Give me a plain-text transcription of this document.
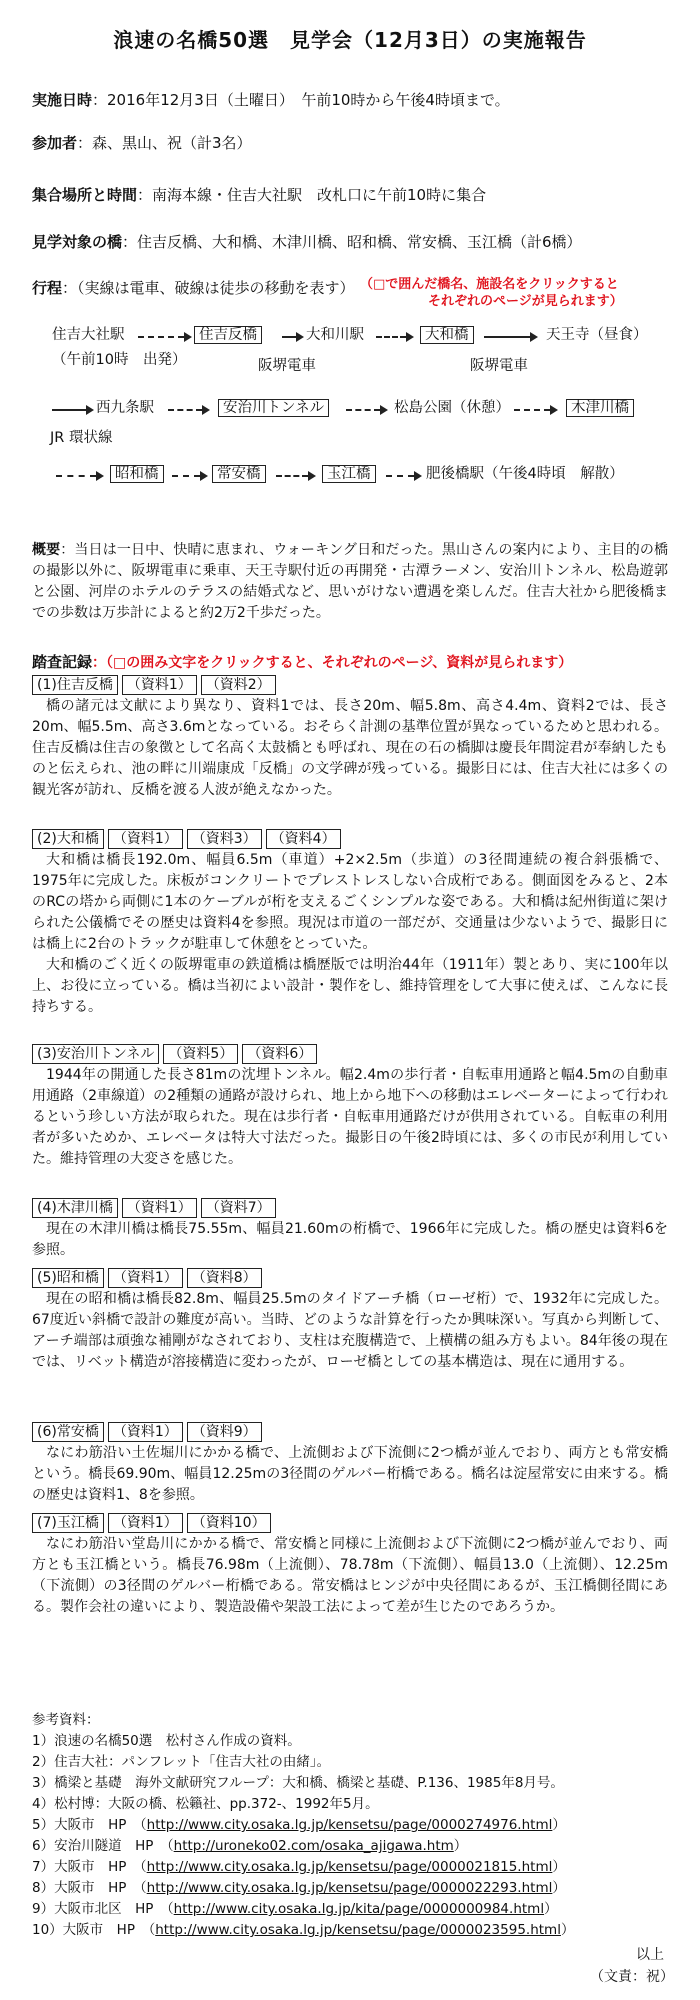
浪速の名橋50選　見学会（12月3日）の実施報告
実施日時：2016年12月3日（土曜日）　午前10時から午後4時頃まで。
参加者：森、黒山、祝（計3名）
集合場所と時間：南海本線・住吉大社駅　改札口に午前10時に集合
見学対象の橋：住吉反橋、大和橋、木津川橋、昭和橋、常安橋、玉江橋（計6橋）
行程：（実線は電車、破線は徒歩の移動を表す） （□で囲んだ橋名、施設名をクリックすると
それぞれのページが見られます）
住吉大社駅	住吉反橋	大和川駅	大和橋	天王寺（昼食）
（午前10時　出発）	阪堺電車	阪堺電車
西九条駅	安治川トンネル	松島公園（休憩）	木津川橋
JR 環状線
昭和橋	常安橋	玉江橋	肥後橋駅（午後4時頃　解散）
概要：当日は一日中、快晴に恵まれ、ウォーキング日和だった。黒山さんの案内により、主目的の橋の撮影以外に、阪堺電車に乗車、天王寺駅付近の再開発・古潭ラーメン、安治川トンネル、松島遊郭と公園、河岸のホテルのテラスの結婚式など、思いがけない遭遇を楽しんだ。住吉大社から肥後橋までの歩数は万歩計によると約2万2千歩だった。
踏査記録：（□の囲み文字をクリックすると、それぞれのページ、資料が見られます）
(1)住吉反橋 （資料1） （資料2）

橋の諸元は文献により異なり、資料1では、長さ20m、幅5.8m、高さ4.4m、資料2では、長さ20m、幅5.5m、高さ3.6mとなっている。おそらく計測の基準位置が異なっているためと思われる。住吉反橋は住吉の象徴として名高く太鼓橋とも呼ばれ、現在の石の橋脚は慶長年間淀君が奉納したものと伝えられ、池の畔に川端康成「反橋」の文学碑が残っている。撮影日には、住吉大社には多くの観光客が訪れ、反橋を渡る人波が絶えなかった。

(2)大和橋 （資料1） （資料3） （資料4）

大和橋は橋長192.0m、幅員6.5m（車道）+2×2.5m（歩道）の3径間連続の複合斜張橋で、1975年に完成した。床板がコンクリートでプレストレスしない合成桁である。側面図をみると、2本のRCの塔から両側に1本のケーブルが桁を支えるごくシンプルな姿である。大和橋は紀州街道に架けられた公儀橋でその歴史は資料4を参照。現況は市道の一部だが、交通量は少ないようで、撮影日には橋上に2台のトラックが駐車して休憩をとっていた。

大和橋のごく近くの阪堺電車の鉄道橋は橋歴版では明治44年（1911年）製とあり、実に100年以上、お役に立っている。橋は当初によい設計・製作をし、維持管理をして大事に使えば、こんなに長持ちする。

(3)安治川トンネル （資料5） （資料6）

1944年の開通した長さ81mの沈埋トンネル。幅2.4mの歩行者・自転車用通路と幅4.5mの自動車用通路（2車線道）の2種類の通路が設けられ、地上から地下への移動はエレベーターによって行われるという珍しい方法が取られた。現在は歩行者・自転車用通路だけが供用されている。自転車の利用者が多いためか、エレベータは特大寸法だった。撮影日の午後2時頃には、多くの市民が利用していた。維持管理の大変さを感じた。

(4)木津川橋 （資料1） （資料7）

現在の木津川橋は橋長75.55m、幅員21.60mの桁橋で、1966年に完成した。橋の歴史は資料6を参照。

(5)昭和橋 （資料1） （資料8）

現在の昭和橋は橋長82.8m、幅員25.5mのタイドアーチ橋（ローゼ桁）で、1932年に完成した。67度近い斜橋で設計の難度が高い。当時、どのような計算を行ったか興味深い。写真から判断して、アーチ端部は頑強な補剛がなされており、支柱は充腹構造で、上横構の組み方もよい。84年後の現在では、リベット構造が溶接構造に変わったが、ローゼ橋としての基本構造は、現在に通用する。

(6)常安橋 （資料1） （資料9）

なにわ筋沿い土佐堀川にかかる橋で、上流側および下流側に2つ橋が並んでおり、両方とも常安橋という。橋長69.90m、幅員12.25mの3径間のゲルバー桁橋である。橋名は淀屋常安に由来する。橋の歴史は資料1、8を参照。

(7)玉江橋 （資料1） （資料10）

なにわ筋沿い堂島川にかかる橋で、常安橋と同様に上流側および下流側に2つ橋が並んでおり、両方とも玉江橋という。橋長76.98m（上流側）、78.78m（下流側）、幅員13.0（上流側）、12.25m（下流側）の3径間のゲルバー桁橋である。常安橋はヒンジが中央径間にあるが、玉江橋側径間にある。製作会社の違いにより、製造設備や架設工法によって差が生じたのであろうか。

参考資料：
1）浪速の名橋50選　松村さん作成の資料。
2）住吉大社：パンフレット「住吉大社の由緒」。
3）橋梁と基礎　海外文献研究フループ：大和橋、橋梁と基礎、P.136、1985年8月号。
4）松村博：大阪の橋、松籟社、pp.372-、1992年5月。
5）大阪市　HP　（http://www.city.osaka.lg.jp/kensetsu/page/0000274976.html）
6）安治川隧道　HP　（http://uroneko02.com/osaka_ajigawa.htm）
7）大阪市　HP　（http://www.city.osaka.lg.jp/kensetsu/page/0000021815.html）
8）大阪市　HP　（http://www.city.osaka.lg.jp/kensetsu/page/0000022293.html）
9）大阪市北区　HP　（http://www.city.osaka.lg.jp/kita/page/0000000984.html）
10）大阪市　HP　（http://www.city.osaka.lg.jp/kensetsu/page/0000023595.html）
以上
（文責：祝）
